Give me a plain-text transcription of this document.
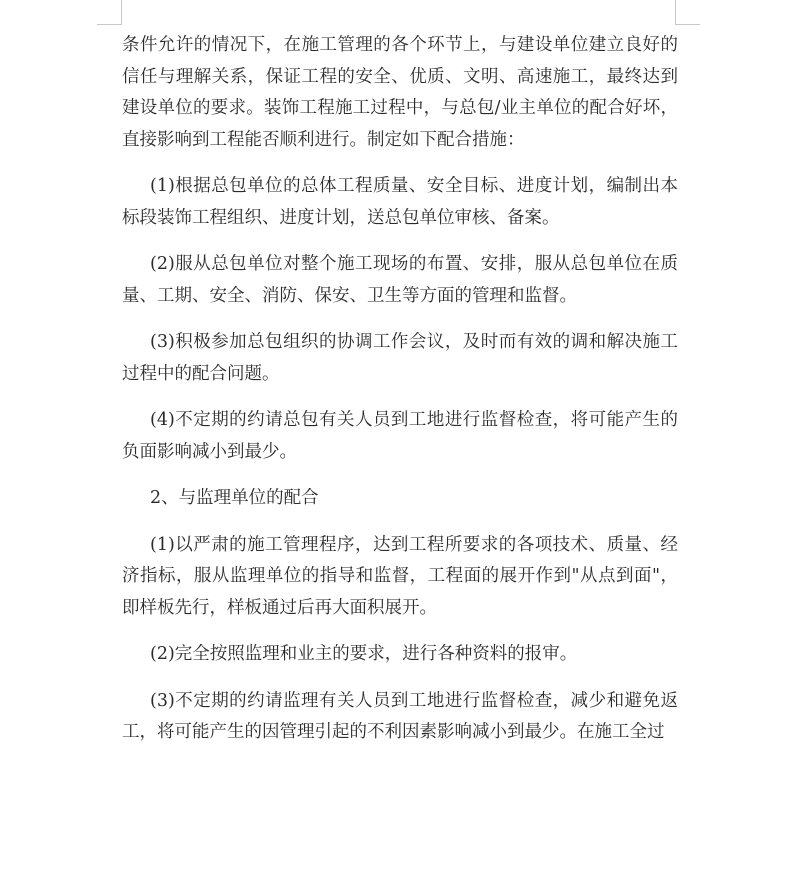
条件允许的情况下，在施工管理的各个环节上，与建设单位建立良好的信任与理解关系，保证工程的安全、优质、文明、高速施工，最终达到建设单位的要求。装饰工程施工过程中，与总包/业主单位的配合好坏，直接影响到工程能否顺利进行。制定如下配合措施：

(1)根据总包单位的总体工程质量、安全目标、进度计划，编制出本标段装饰工程组织、进度计划，送总包单位审核、备案。

(2)服从总包单位对整个施工现场的布置、安排，服从总包单位在质量、工期、安全、消防、保安、卫生等方面的管理和监督。

(3)积极参加总包组织的协调工作会议，及时而有效的调和解决施工过程中的配合问题。

(4)不定期的约请总包有关人员到工地进行监督检查，将可能产生的负面影响减小到最少。

2、与监理单位的配合

(1)以严肃的施工管理程序，达到工程所要求的各项技术、质量、经济指标，服从监理单位的指导和监督，工程面的展开作到"从点到面"，即样板先行，样板通过后再大面积展开。

(2)完全按照监理和业主的要求，进行各种资料的报审。

(3)不定期的约请监理有关人员到工地进行监督检查，减少和避免返工，将可能产生的因管理引起的不利因素影响减小到最少。在施工全过
